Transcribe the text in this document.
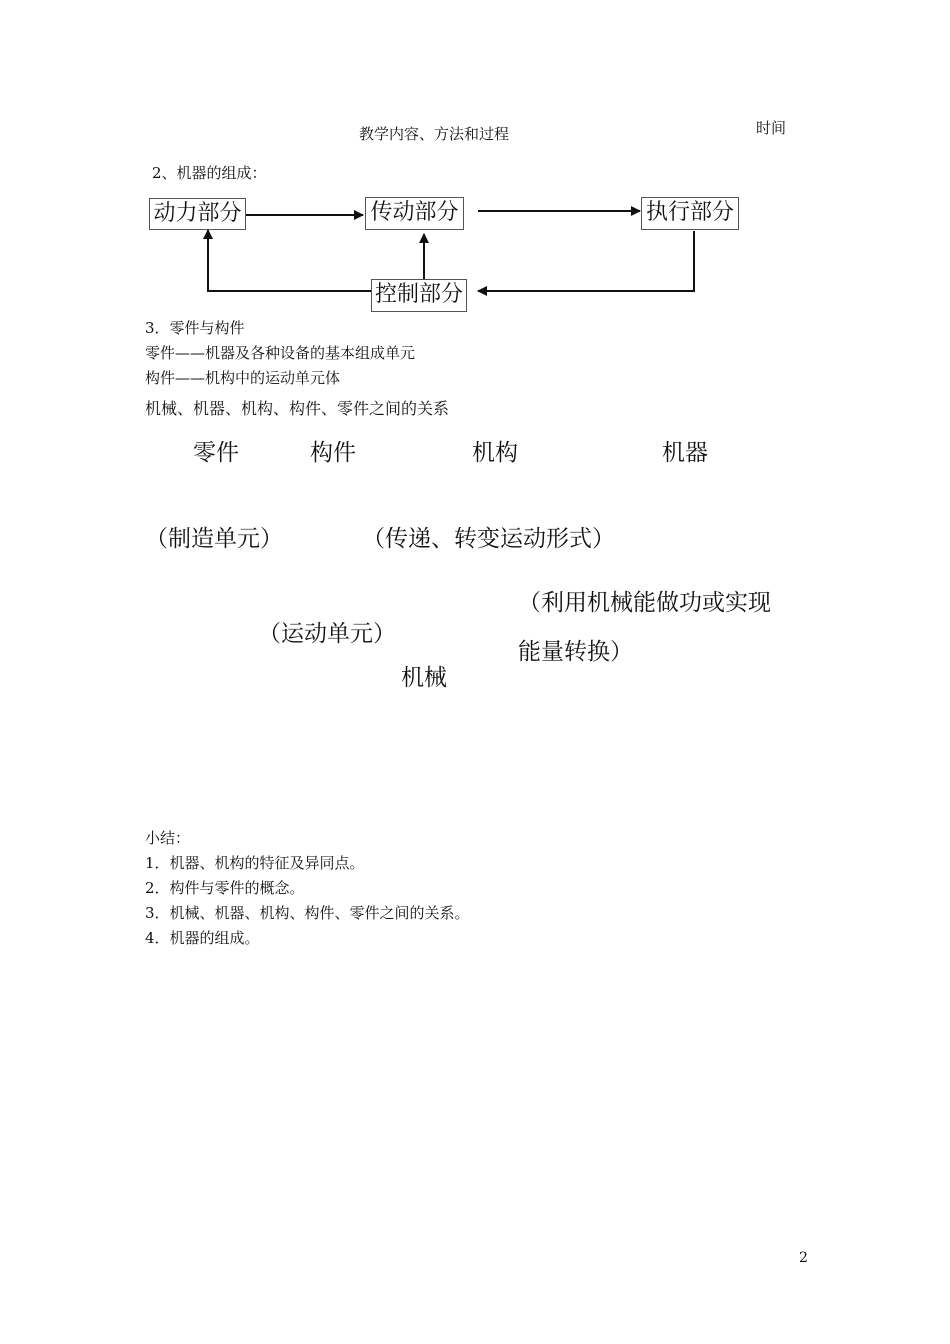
教学内容、方法和过程	时间
2、机器的组成：
动力部分	传动部分	执行部分
控制部分
3．零件与构件
零件——机器及各种设备的基本组成单元
构件——机构中的运动单元体
机械、机器、机构、构件、零件之间的关系
零件	构件	机构	机器
（制造单元）	（传递、转变运动形式）
（利用机械能做功或实现
能量转换）
（运动单元）
机械
小结：
1．机器、机构的特征及异同点。
2．构件与零件的概念。
3．机械、机器、机构、构件、零件之间的关系。
4．机器的组成。
2
